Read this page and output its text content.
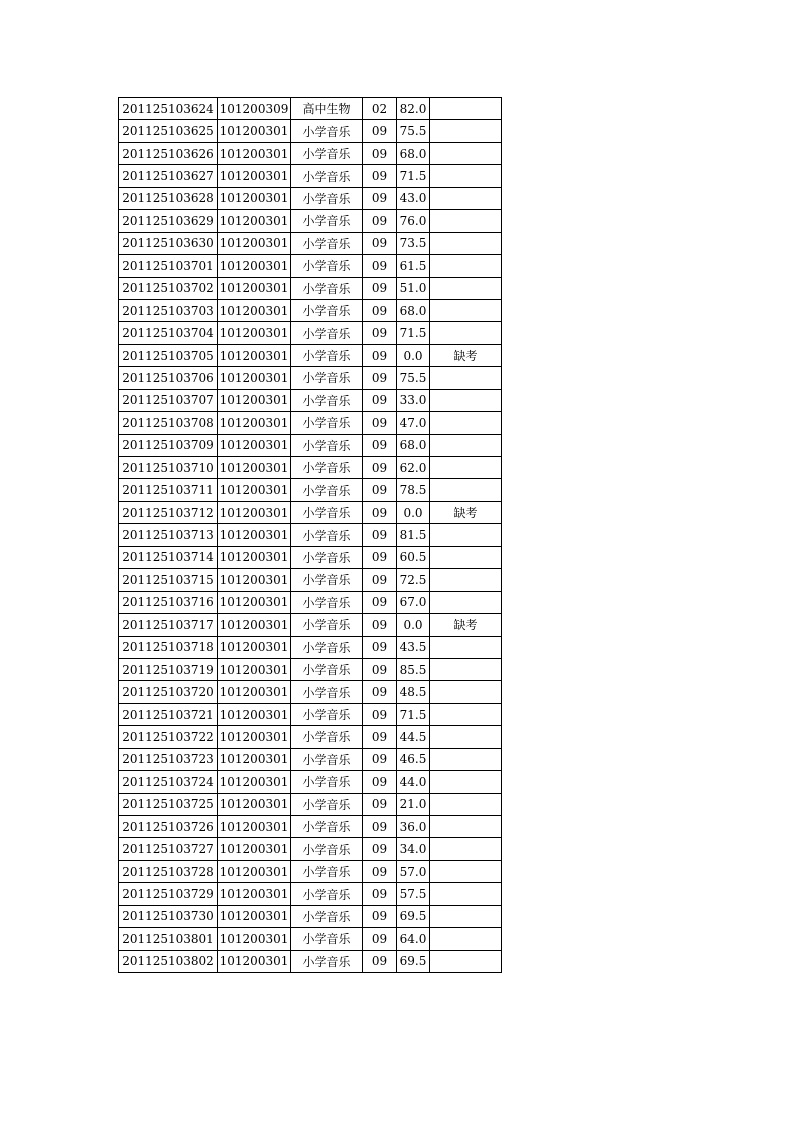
201125103624	101200309	高中生物	02	82.0	
201125103625	101200301	小学音乐	09	75.5	
201125103626	101200301	小学音乐	09	68.0	
201125103627	101200301	小学音乐	09	71.5	
201125103628	101200301	小学音乐	09	43.0	
201125103629	101200301	小学音乐	09	76.0	
201125103630	101200301	小学音乐	09	73.5	
201125103701	101200301	小学音乐	09	61.5	
201125103702	101200301	小学音乐	09	51.0	
201125103703	101200301	小学音乐	09	68.0	
201125103704	101200301	小学音乐	09	71.5	
201125103705	101200301	小学音乐	09	0.0	缺考
201125103706	101200301	小学音乐	09	75.5	
201125103707	101200301	小学音乐	09	33.0	
201125103708	101200301	小学音乐	09	47.0	
201125103709	101200301	小学音乐	09	68.0	
201125103710	101200301	小学音乐	09	62.0	
201125103711	101200301	小学音乐	09	78.5	
201125103712	101200301	小学音乐	09	0.0	缺考
201125103713	101200301	小学音乐	09	81.5	
201125103714	101200301	小学音乐	09	60.5	
201125103715	101200301	小学音乐	09	72.5	
201125103716	101200301	小学音乐	09	67.0	
201125103717	101200301	小学音乐	09	0.0	缺考
201125103718	101200301	小学音乐	09	43.5	
201125103719	101200301	小学音乐	09	85.5	
201125103720	101200301	小学音乐	09	48.5	
201125103721	101200301	小学音乐	09	71.5	
201125103722	101200301	小学音乐	09	44.5	
201125103723	101200301	小学音乐	09	46.5	
201125103724	101200301	小学音乐	09	44.0	
201125103725	101200301	小学音乐	09	21.0	
201125103726	101200301	小学音乐	09	36.0	
201125103727	101200301	小学音乐	09	34.0	
201125103728	101200301	小学音乐	09	57.0	
201125103729	101200301	小学音乐	09	57.5	
201125103730	101200301	小学音乐	09	69.5	
201125103801	101200301	小学音乐	09	64.0	
201125103802	101200301	小学音乐	09	69.5	
